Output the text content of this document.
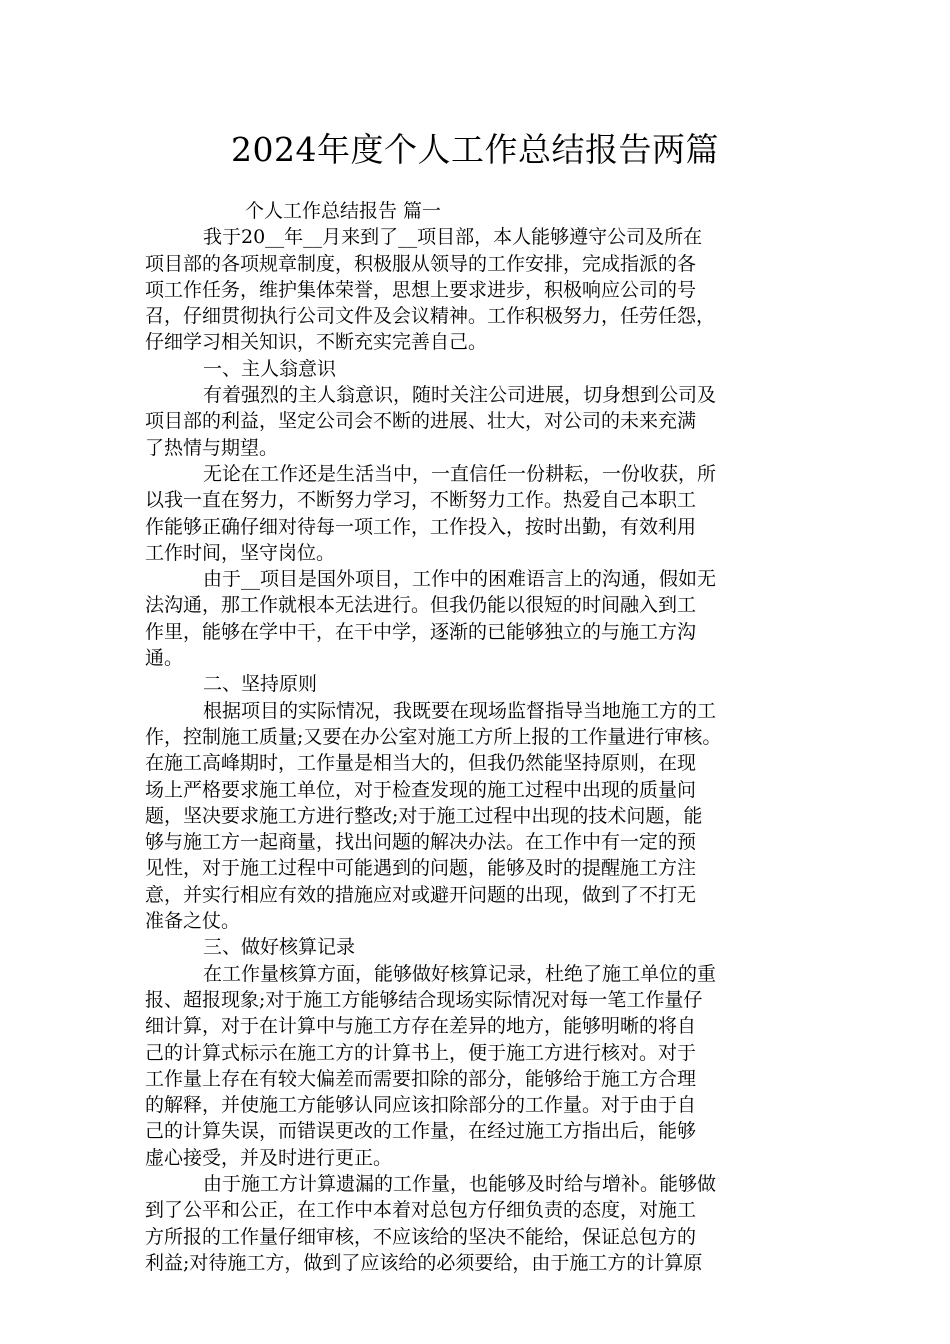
2024年度个人工作总结报告两篇
个人工作总结报告 篇一
我于20__年__月来到了__项目部，本人能够遵守公司及所在
项目部的各项规章制度，积极服从领导的工作安排，完成指派的各
项工作任务，维护集体荣誉，思想上要求进步，积极响应公司的号
召，仔细贯彻执行公司文件及会议精神。工作积极努力，任劳任怨，
仔细学习相关知识，不断充实完善自己。
一、主人翁意识
有着强烈的主人翁意识，随时关注公司进展，切身想到公司及
项目部的利益，坚定公司会不断的进展、壮大，对公司的未来充满
了热情与期望。
无论在工作还是生活当中，一直信任一份耕耘，一份收获，所
以我一直在努力，不断努力学习，不断努力工作。热爱自己本职工
作能够正确仔细对待每一项工作，工作投入，按时出勤，有效利用
工作时间，坚守岗位。
由于__项目是国外项目，工作中的困难语言上的沟通，假如无
法沟通，那工作就根本无法进行。但我仍能以很短的时间融入到工
作里，能够在学中干，在干中学，逐渐的已能够独立的与施工方沟
通。
二、坚持原则
根据项目的实际情况，我既要在现场监督指导当地施工方的工
作，控制施工质量;又要在办公室对施工方所上报的工作量进行审核。
在施工高峰期时，工作量是相当大的，但我仍然能坚持原则，在现
场上严格要求施工单位，对于检查发现的施工过程中出现的质量问
题，坚决要求施工方进行整改;对于施工过程中出现的技术问题，能
够与施工方一起商量，找出问题的解决办法。在工作中有一定的预
见性，对于施工过程中可能遇到的问题，能够及时的提醒施工方注
意，并实行相应有效的措施应对或避开问题的出现，做到了不打无
准备之仗。
三、做好核算记录
在工作量核算方面，能够做好核算记录，杜绝了施工单位的重
报、超报现象;对于施工方能够结合现场实际情况对每一笔工作量仔
细计算，对于在计算中与施工方存在差异的地方，能够明晰的将自
己的计算式标示在施工方的计算书上，便于施工方进行核对。对于
工作量上存在有较大偏差而需要扣除的部分，能够给于施工方合理
的解释，并使施工方能够认同应该扣除部分的工作量。对于由于自
己的计算失误，而错误更改的工作量，在经过施工方指出后，能够
虚心接受，并及时进行更正。
由于施工方计算遗漏的工作量，也能够及时给与增补。能够做
到了公平和公正，在工作中本着对总包方仔细负责的态度，对施工
方所报的工作量仔细审核，不应该给的坚决不能给，保证总包方的
利益;对待施工方，做到了应该给的必须要给，由于施工方的计算原
